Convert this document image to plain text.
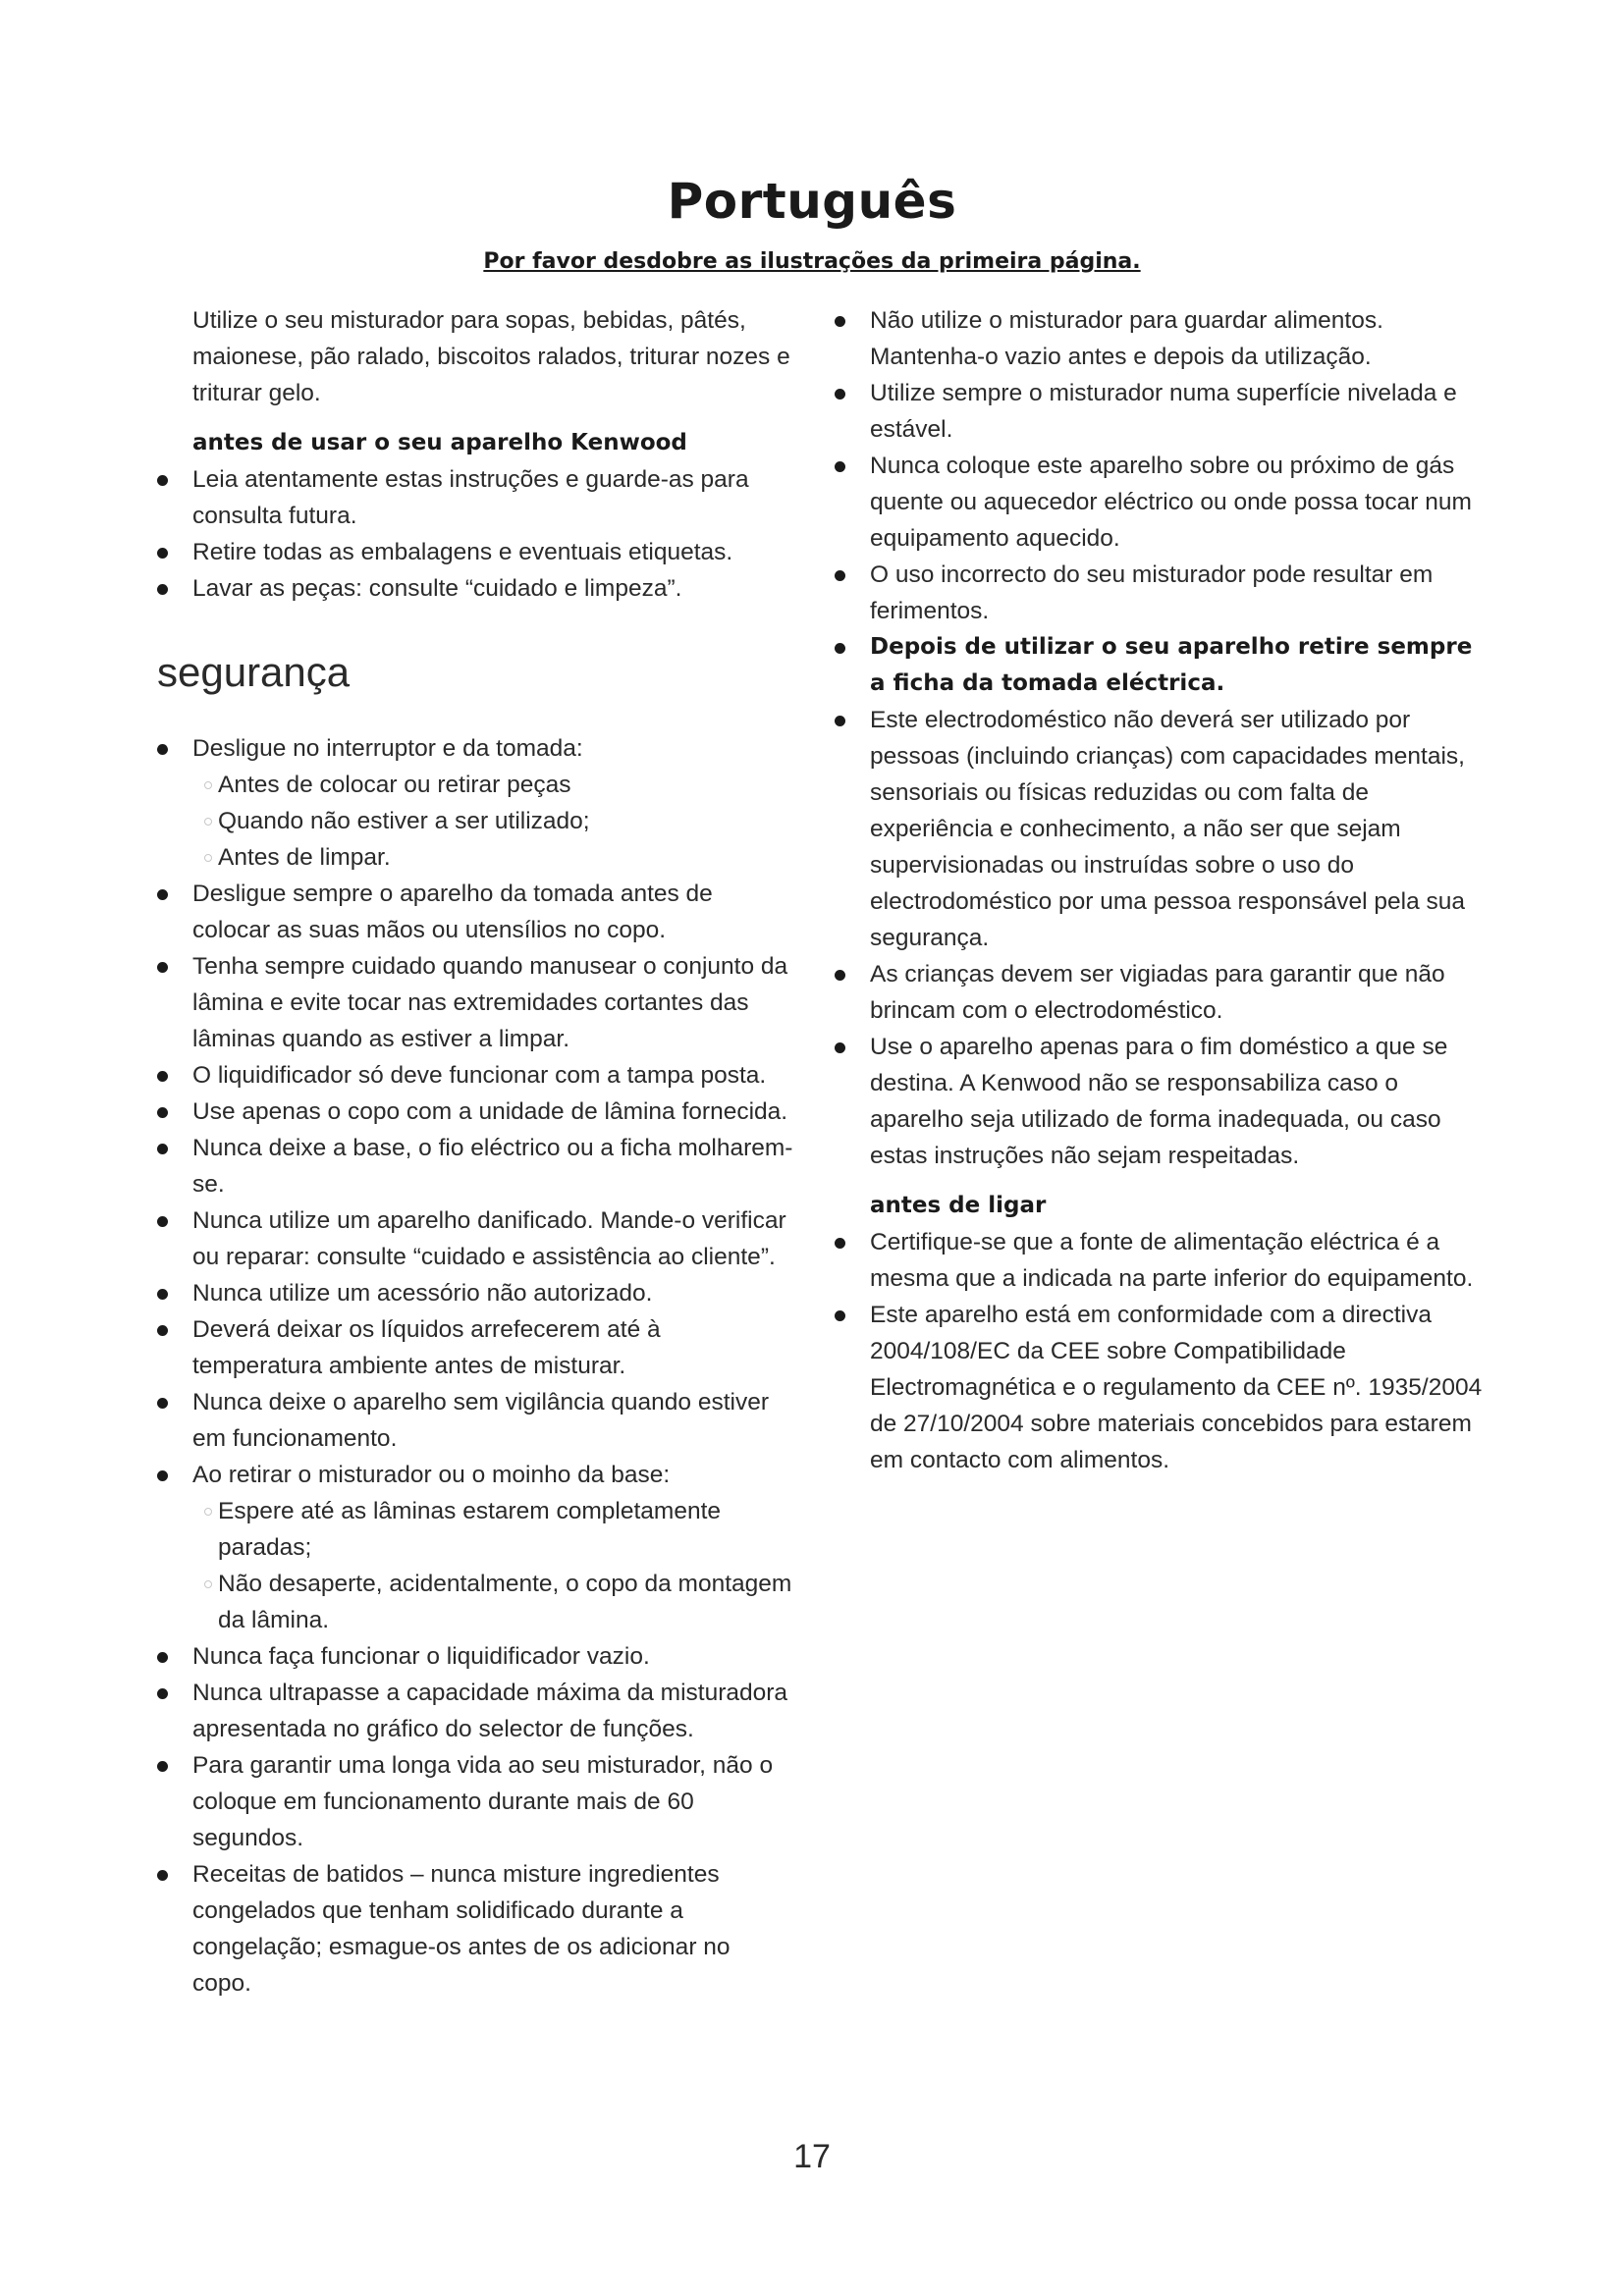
Português
Por favor desdobre as ilustrações da primeira página.

Utilize o seu misturador para sopas, bebidas, pâtés, maionese, pão ralado, biscoitos ralados, triturar nozes e triturar gelo.

antes de usar o seu aparelho Kenwood
Leia atentamente estas instruções e guarde-as para consulta futura.
Retire todas as embalagens e eventuais etiquetas.
Lavar as peças: consulte “cuidado e limpeza”.
segurança
Desligue no interruptor e da tomada:
Antes de colocar ou retirar peças
Quando não estiver a ser utilizado;
Antes de limpar.
Desligue sempre o aparelho da tomada antes de colocar as suas mãos ou utensílios no copo.
Tenha sempre cuidado quando manusear o conjunto da lâmina e evite tocar nas extremidades cortantes das lâminas quando as estiver a limpar.
O liquidificador só deve funcionar com a tampa posta.
Use apenas o copo com a unidade de lâmina fornecida.
Nunca deixe a base, o fio eléctrico ou a ficha molharem-se.
Nunca utilize um aparelho danificado. Mande-o verificar ou reparar: consulte “cuidado e assistência ao cliente”.
Nunca utilize um acessório não autorizado.
Deverá deixar os líquidos arrefecerem até à temperatura ambiente antes de misturar.
Nunca deixe o aparelho sem vigilância quando estiver em funcionamento.
Ao retirar o misturador ou o moinho da base:
Espere até as lâminas estarem completamente paradas;
Não desaperte, acidentalmente, o copo da montagem da lâmina.
Nunca faça funcionar o liquidificador vazio.
Nunca ultrapasse a capacidade máxima da misturadora apresentada no gráfico do selector de funções.
Para garantir uma longa vida ao seu misturador, não o coloque em funcionamento durante mais de 60 segundos.
Receitas de batidos – nunca misture ingredientes congelados que tenham solidificado durante a congelação; esmague-os antes de os adicionar no copo.
Não utilize o misturador para guardar alimentos. Mantenha-o vazio antes e depois da utilização.
Utilize sempre o misturador numa superfície nivelada e estável.
Nunca coloque este aparelho sobre ou próximo de gás quente ou aquecedor eléctrico ou onde possa tocar num equipamento aquecido.
O uso incorrecto do seu misturador pode resultar em ferimentos.
Depois de utilizar o seu aparelho retire sempre a ficha da tomada eléctrica.
Este electrodoméstico não deverá ser utilizado por pessoas (incluindo crianças) com capacidades mentais, sensoriais ou físicas reduzidas ou com falta de experiência e conhecimento, a não ser que sejam supervisionadas ou instruídas sobre o uso do electrodoméstico por uma pessoa responsável pela sua segurança.
As crianças devem ser vigiadas para garantir que não brincam com o electrodoméstico.
Use o aparelho apenas para o fim doméstico a que se destina. A Kenwood não se responsabiliza caso o aparelho seja utilizado de forma inadequada, ou caso estas instruções não sejam respeitadas.
antes de ligar
Certifique-se que a fonte de alimentação eléctrica é a mesma que a indicada na parte inferior do equipamento.
Este aparelho está em conformidade com a directiva 2004/108/EC da CEE sobre Compatibilidade Electromagnética e o regulamento da CEE nº. 1935/2004 de 27/10/2004 sobre materiais concebidos para estarem em contacto com alimentos.
17
